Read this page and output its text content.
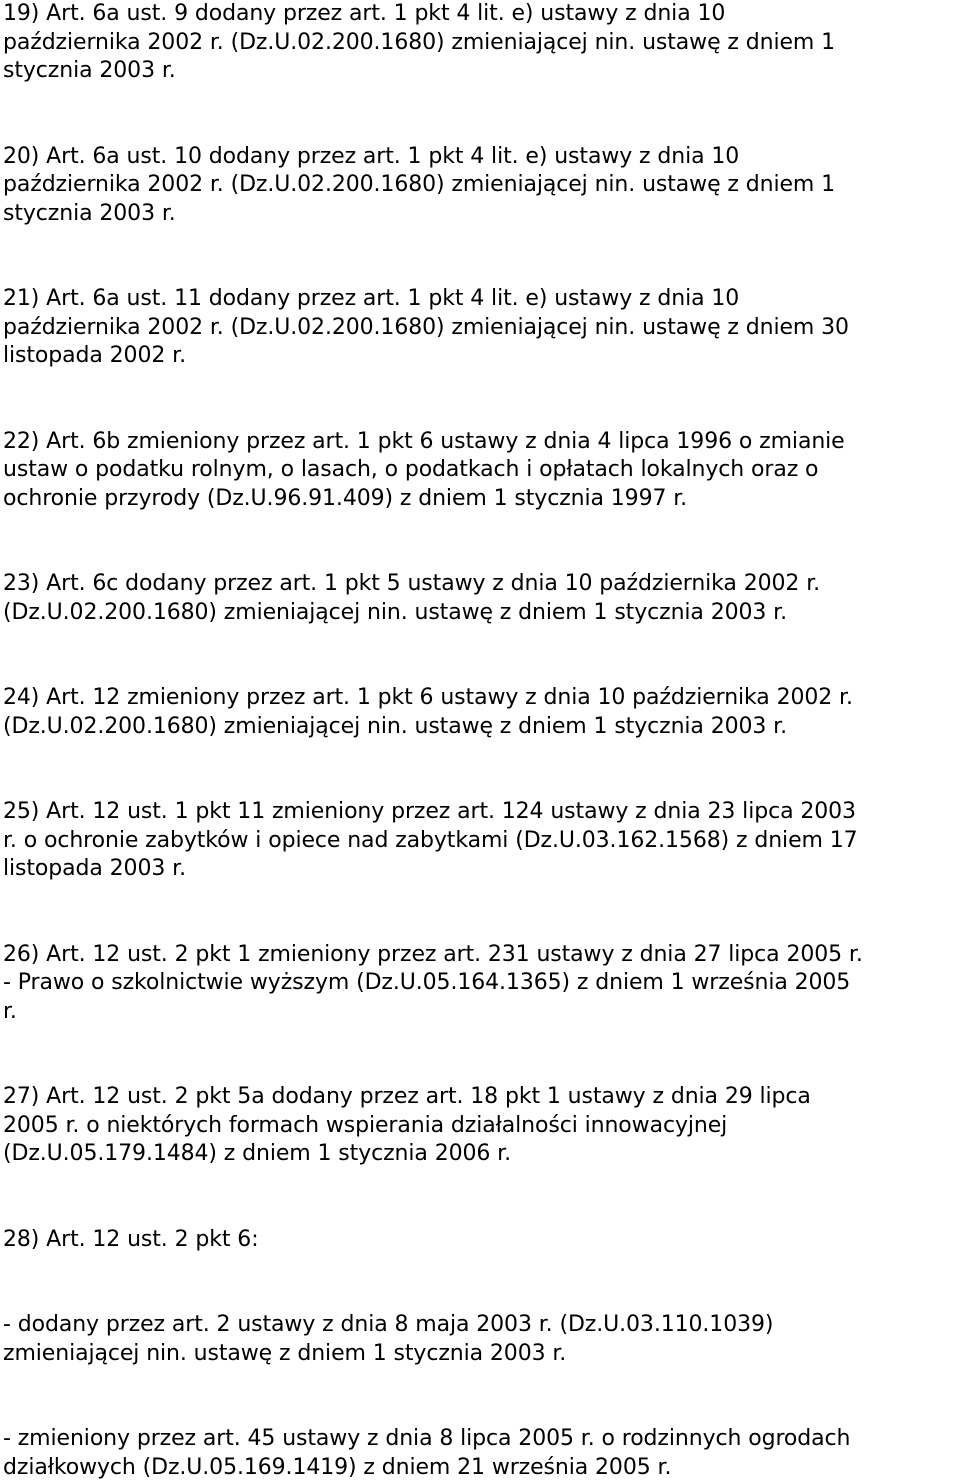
19) Art. 6a ust. 9 dodany przez art. 1 pkt 4 lit. e) ustawy z dnia 10
października 2002 r. (Dz.U.02.200.1680) zmieniającej nin. ustawę z dniem 1
stycznia 2003 r.
20) Art. 6a ust. 10 dodany przez art. 1 pkt 4 lit. e) ustawy z dnia 10
października 2002 r. (Dz.U.02.200.1680) zmieniającej nin. ustawę z dniem 1
stycznia 2003 r.
21) Art. 6a ust. 11 dodany przez art. 1 pkt 4 lit. e) ustawy z dnia 10
października 2002 r. (Dz.U.02.200.1680) zmieniającej nin. ustawę z dniem 30
listopada 2002 r.
22) Art. 6b zmieniony przez art. 1 pkt 6 ustawy z dnia 4 lipca 1996 o zmianie
ustaw o podatku rolnym, o lasach, o podatkach i opłatach lokalnych oraz o
ochronie przyrody (Dz.U.96.91.409) z dniem 1 stycznia 1997 r.
23) Art. 6c dodany przez art. 1 pkt 5 ustawy z dnia 10 października 2002 r.
(Dz.U.02.200.1680) zmieniającej nin. ustawę z dniem 1 stycznia 2003 r.
24) Art. 12 zmieniony przez art. 1 pkt 6 ustawy z dnia 10 października 2002 r.
(Dz.U.02.200.1680) zmieniającej nin. ustawę z dniem 1 stycznia 2003 r.
25) Art. 12 ust. 1 pkt 11 zmieniony przez art. 124 ustawy z dnia 23 lipca 2003
r. o ochronie zabytków i opiece nad zabytkami (Dz.U.03.162.1568) z dniem 17
listopada 2003 r.
26) Art. 12 ust. 2 pkt 1 zmieniony przez art. 231 ustawy z dnia 27 lipca 2005 r.
- Prawo o szkolnictwie wyższym (Dz.U.05.164.1365) z dniem 1 września 2005
r.
27) Art. 12 ust. 2 pkt 5a dodany przez art. 18 pkt 1 ustawy z dnia 29 lipca
2005 r. o niektórych formach wspierania działalności innowacyjnej
(Dz.U.05.179.1484) z dniem 1 stycznia 2006 r.
28) Art. 12 ust. 2 pkt 6:
- dodany przez art. 2 ustawy z dnia 8 maja 2003 r. (Dz.U.03.110.1039)
zmieniającej nin. ustawę z dniem 1 stycznia 2003 r.
- zmieniony przez art. 45 ustawy z dnia 8 lipca 2005 r. o rodzinnych ogrodach
działkowych (Dz.U.05.169.1419) z dniem 21 września 2005 r.
